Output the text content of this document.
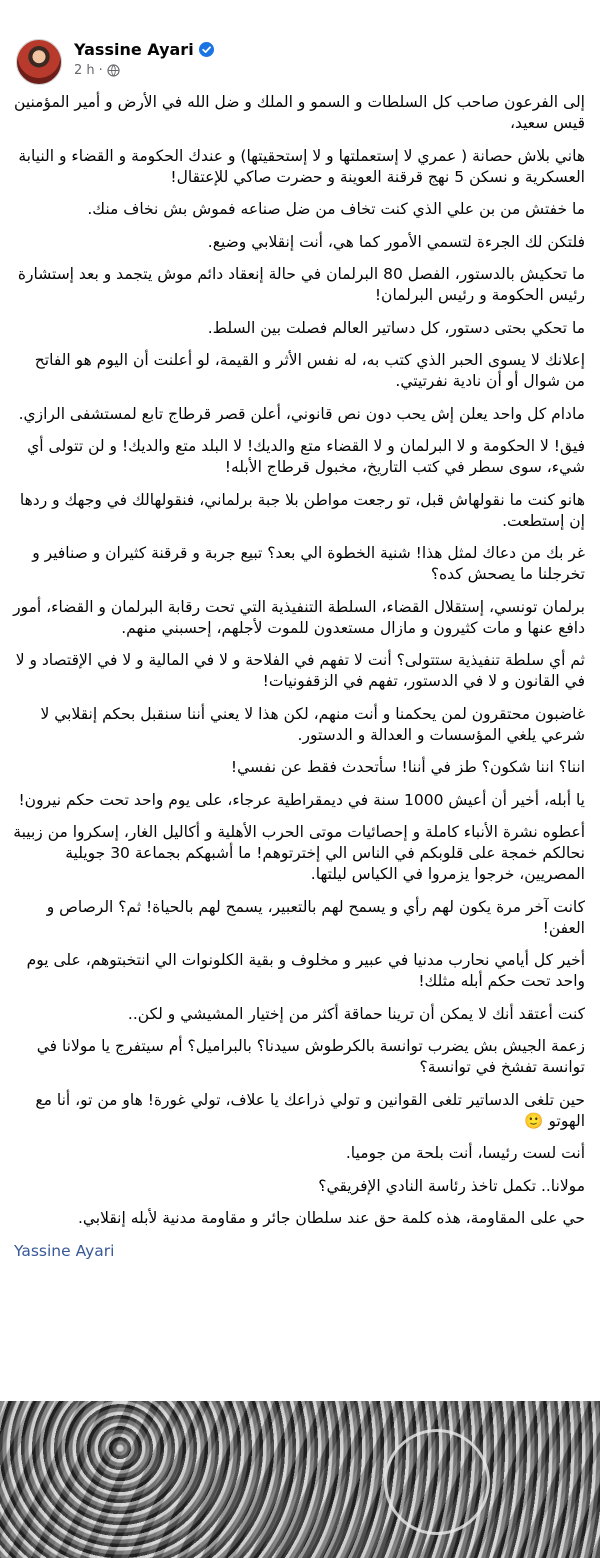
Yassine Ayari
2 h ·

إلى الفرعون صاحب كل السلطات و السمو و الملك و ضل الله في الأرض و أمير المؤمنين قيس سعيد،

هاني بلاش حصانة ( عمري لا إستعملتها و لا إستحقيتها) و عندك الحكومة و القضاء و النيابة العسكرية و نسكن 5 نهج قرقنة العوينة و حضرت صاكي للإعتقال!

ما خفتش من بن علي الذي كنت تخاف من ضل صناعه فموش بش نخاف منك.

فلتكن لك الجرءة لتسمي الأمور كما هي، أنت إنقلابي وضيع.

ما تحكيش بالدستور، الفصل 80 البرلمان في حالة إنعقاد دائم موش يتجمد و بعد إستشارة رئيس الحكومة و رئيس البرلمان!

ما تحكي بحتى دستور، كل دساتير العالم فصلت بين السلط.

إعلانك لا يسوى الحبر الذي كتب به، له نفس الأثر و القيمة، لو أعلنت أن اليوم هو الفاتح من شوال أو أن نادية نفرتيتي.

مادام كل واحد يعلن إش يحب دون نص قانوني، أعلن قصر قرطاج تابع لمستشفى الرازي.

فيق! لا الحكومة و لا البرلمان و لا القضاء متع والديك! لا البلد متع والديك! و لن تتولى أي شيء، سوى سطر في كتب التاريخ، مخبول قرطاج الأبله!

هانو كنت ما نقولهاش قبل، تو رجعت مواطن بلا جبة برلماني، فنقولهالك في وجهك و ردها إن إستطعت.

غر بك من دعاك لمثل هذا! شنية الخطوة الي بعد؟ تبيع جربة و قرقنة كثيران و صنافير و تخرجلنا ما يصحش كده؟

برلمان تونسي، إستقلال القضاء، السلطة التنفيذية التي تحت رقابة البرلمان و القضاء، أمور دافع عنها و مات كثيرون و مازال مستعدون للموت لأجلهم، إحسبني منهم.

ثم أي سلطة تنفيذية ستتولى؟ أنت لا تفهم في الفلاحة و لا في المالية و لا في الإقتصاد و لا في القانون و لا في الدستور، تفهم في الزقفونيات!

غاضبون محتقرون لمن يحكمنا و أنت منهم، لكن هذا لا يعني أننا سنقبل بحكم إنقلابي لا شرعي يلغي المؤسسات و العدالة و الدستور.

اننا؟ اننا شكون؟ طز في أننا! سأتحدث فقط عن نفسي!

يا أبله، أخير أن أعيش 1000 سنة في ديمقراطية عرجاء، على يوم واحد تحت حكم نيرون!

أعطوه نشرة الأنباء كاملة و إحصائيات موتى الحرب الأهلية و أكاليل الغار، إسكروا من زبيبة نحالكم خمجة على قلوبكم في الناس الي إخترتوهم! ما أشبهكم بجماعة 30 جويلية المصريين، خرجوا يزمروا في الكياس ليلتها.

كانت آخر مرة يكون لهم رأي و يسمح لهم بالتعبير، يسمح لهم بالحياة! ثم؟ الرصاص و العفن!

أخير كل أيامي نحارب مدنيا في عبير و مخلوف و بقية الكلونوات الي انتخبتوهم، على يوم واحد تحت حكم أبله مثلك!

كنت أعتقد أنك لا يمكن أن ترينا حماقة أكثر من إختيار المشيشي و لكن..

زعمة الجيش بش يضرب توانسة بالكرطوش سيدنا؟ بالبراميل؟ أم سيتفرج يا مولانا في توانسة تفشخ في توانسة؟

حين تلغى الدساتير تلغى القوانين و تولي ذراعك يا علاف، تولي غورة! هاو من تو، أنا مع الهوتو 🙂

أنت لست رئيسا، أنت بلحة من جوميا.

مولانا.. تكمل تاخذ رئاسة النادي الإفريقي؟

حي على المقاومة، هذه كلمة حق عند سلطان جائر و مقاومة مدنية لأبله إنقلابي.

Yassine Ayari
